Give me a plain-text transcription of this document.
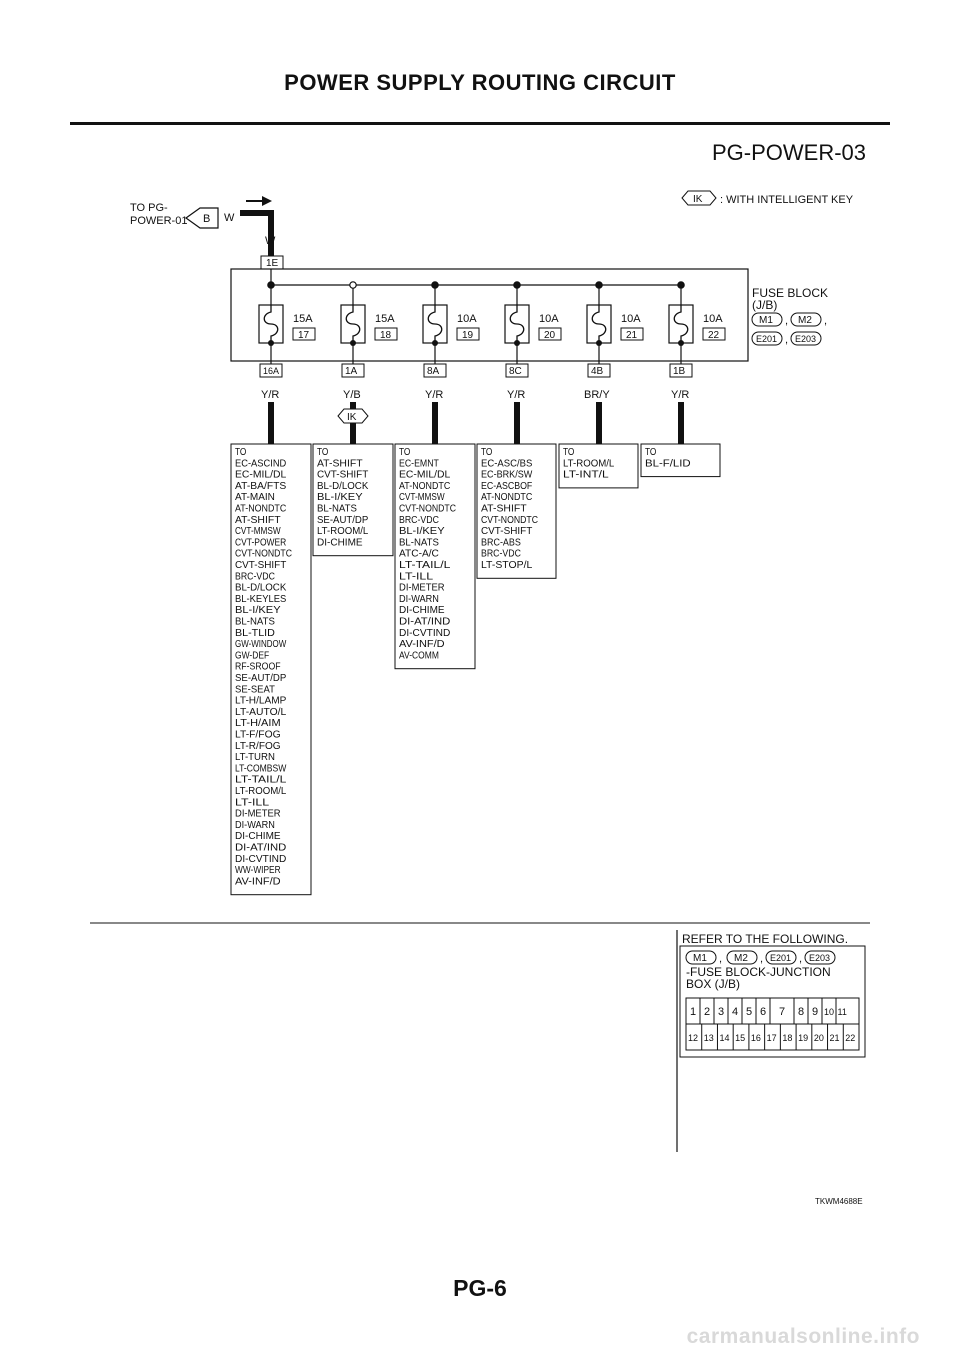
POWER SUPPLY ROUTING CIRCUIT
PG-POWER-03
TO PG-
POWER-01 B W
W
1E
IK : WITH INTELLIGENT KEY
FUSE BLOCK
(J/B)
M1 , M2 ,
E201 , E203
15A
17
16A
Y/R
15A
18
1A
Y/B
IK
10A
19
8A
Y/R
10A
20
8C
Y/R
10A
21
4B
BR/Y
10A
22
1B
Y/R
TO
EC-ASCIND
EC-MIL/DL
AT-BA/FTS
AT-MAIN
AT-NONDTC
AT-SHIFT
CVT-MMSW
CVT-POWER
CVT-NONDTC
CVT-SHIFT
BRC-VDC
BL-D/LOCK
BL-KEYLES
BL-I/KEY
BL-NATS
BL-TLID
GW-WINDOW
GW-DEF
RF-SROOF
SE-AUT/DP
SE-SEAT
LT-H/LAMP
LT-AUTO/L
LT-H/AIM
LT-F/FOG
LT-R/FOG
LT-TURN
LT-COMBSW
LT-TAIL/L
LT-ROOM/L
LT-ILL
DI-METER
DI-WARN
DI-CHIME
DI-AT/IND
DI-CVTIND
WW-WIPER
AV-INF/D
TO
AT-SHIFT
CVT-SHIFT
BL-D/LOCK
BL-I/KEY
BL-NATS
SE-AUT/DP
LT-ROOM/L
DI-CHIME
TO
EC-EMNT
EC-MIL/DL
AT-NONDTC
CVT-MMSW
CVT-NONDTC
BRC-VDC
BL-I/KEY
BL-NATS
ATC-A/C
LT-TAIL/L
LT-ILL
DI-METER
DI-WARN
DI-CHIME
DI-AT/IND
DI-CVTIND
AV-INF/D
AV-COMM
TO
EC-ASC/BS
EC-BRK/SW
EC-ASCBOF
AT-NONDTC
AT-SHIFT
CVT-NONDTC
CVT-SHIFT
BRC-ABS
BRC-VDC
LT-STOP/L
TO
LT-ROOM/L
LT-INT/L
TO
BL-F/LID
REFER TO THE FOLLOWING.
M1 , M2 , E201 , E203
-FUSE BLOCK-JUNCTION
BOX (J/B)
1 2 3 4 5 6 7 8 9 10 11
12 13 14 15 16 17 18 19 20 21 22
TKWM4688E
PG-6
carmanualsonline.info
